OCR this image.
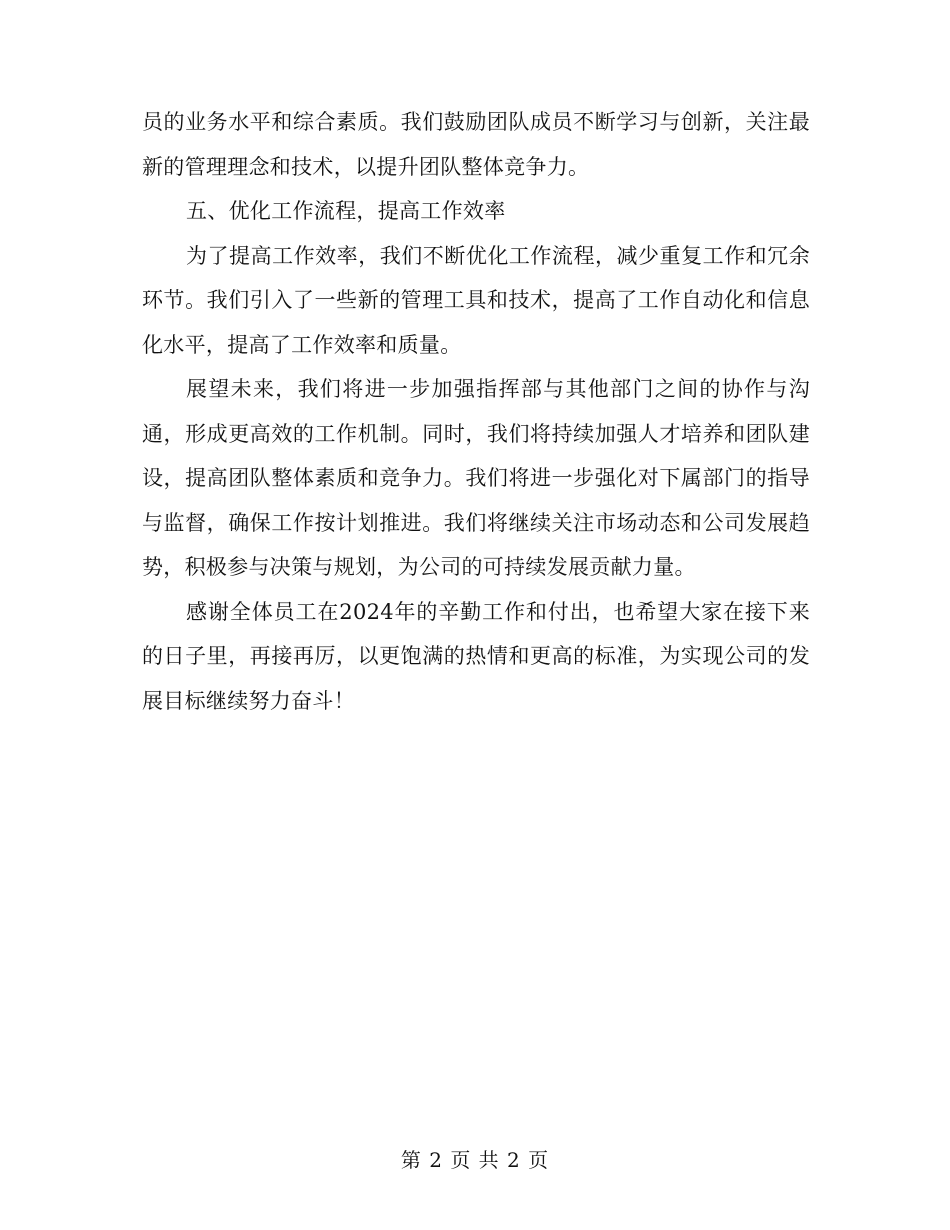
员的业务水平和综合素质。我们鼓励团队成员不断学习与创新，关注最新的管理理念和技术，以提升团队整体竞争力。

五、优化工作流程，提高工作效率

为了提高工作效率，我们不断优化工作流程，减少重复工作和冗余环节。我们引入了一些新的管理工具和技术，提高了工作自动化和信息化水平，提高了工作效率和质量。

展望未来，我们将进一步加强指挥部与其他部门之间的协作与沟通，形成更高效的工作机制。同时，我们将持续加强人才培养和团队建设，提高团队整体素质和竞争力。我们将进一步强化对下属部门的指导与监督，确保工作按计划推进。我们将继续关注市场动态和公司发展趋势，积极参与决策与规划，为公司的可持续发展贡献力量。

感谢全体员工在2024年的辛勤工作和付出，也希望大家在接下来的日子里，再接再厉，以更饱满的热情和更高的标准，为实现公司的发展目标继续努力奋斗！

第 2 页 共 2 页
